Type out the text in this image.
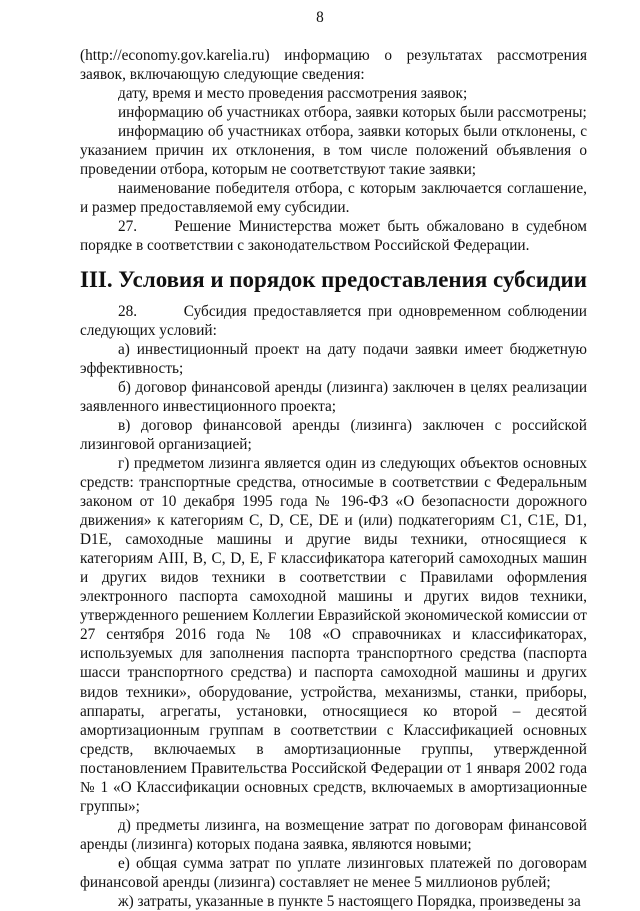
8

(http://economy.gov.karelia.ru) информацию о результатах рассмотрения заявок, включающую следующие сведения:

дату, время и место проведения рассмотрения заявок;

информацию об участниках отбора, заявки которых были рассмотрены;

информацию об участниках отбора, заявки которых были отклонены, с указанием причин их отклонения, в том числе положений объявления о проведении отбора, которым не соответствуют такие заявки;

наименование победителя отбора, с которым заключается соглашение, и размер предоставляемой ему субсидии.

27.     Решение Министерства может быть обжаловано в судебном порядке в соответствии с законодательством Российской Федерации.

III. Условия и порядок предоставления субсидии

28.       Субсидия предоставляется при одновременном соблюдении следующих условий:

а) инвестиционный проект на дату подачи заявки имеет бюджетную эффективность;

б) договор финансовой аренды (лизинга) заключен в целях реализации заявленного инвестиционного проекта;

в) договор финансовой аренды (лизинга) заключен с российской лизинговой организацией;

г) предметом лизинга является один из следующих объектов основных средств: транспортные средства, относимые в соответствии с Федеральным законом от 10 декабря 1995 года № 196-ФЗ «О безопасности дорожного движения» к категориям С, D, CE, DE и (или) подкатегориям С1, С1Е, D1, D1E, самоходные машины и другие виды техники, относящиеся к категориям AIII, B, C, D, E, F классификатора категорий самоходных машин и других видов техники в соответствии с Правилами оформления электронного паспорта самоходной машины и других видов техники, утвержденного решением Коллегии Евразийской экономической комиссии от 27 сентября 2016 года № 108 «О справочниках и классификаторах, используемых для заполнения паспорта транспортного средства (паспорта шасси транспортного средства) и паспорта самоходной машины и других видов техники», оборудование, устройства, механизмы, станки, приборы, аппараты, агрегаты, установки, относящиеся ко второй – десятой амортизационным группам в соответствии с Классификацией основных средств, включаемых в амортизационные группы, утвержденной постановлением Правительства Российской Федерации от 1 января 2002 года № 1 «О Классификации основных средств, включаемых в амортизационные группы»;

д) предметы лизинга, на возмещение затрат по договорам финансовой аренды (лизинга) которых подана заявка, являются новыми;

е) общая сумма затрат по уплате лизинговых платежей по договорам финансовой аренды (лизинга) составляет не менее 5 миллионов рублей;

ж) затраты, указанные в пункте 5 настоящего Порядка, произведены за
